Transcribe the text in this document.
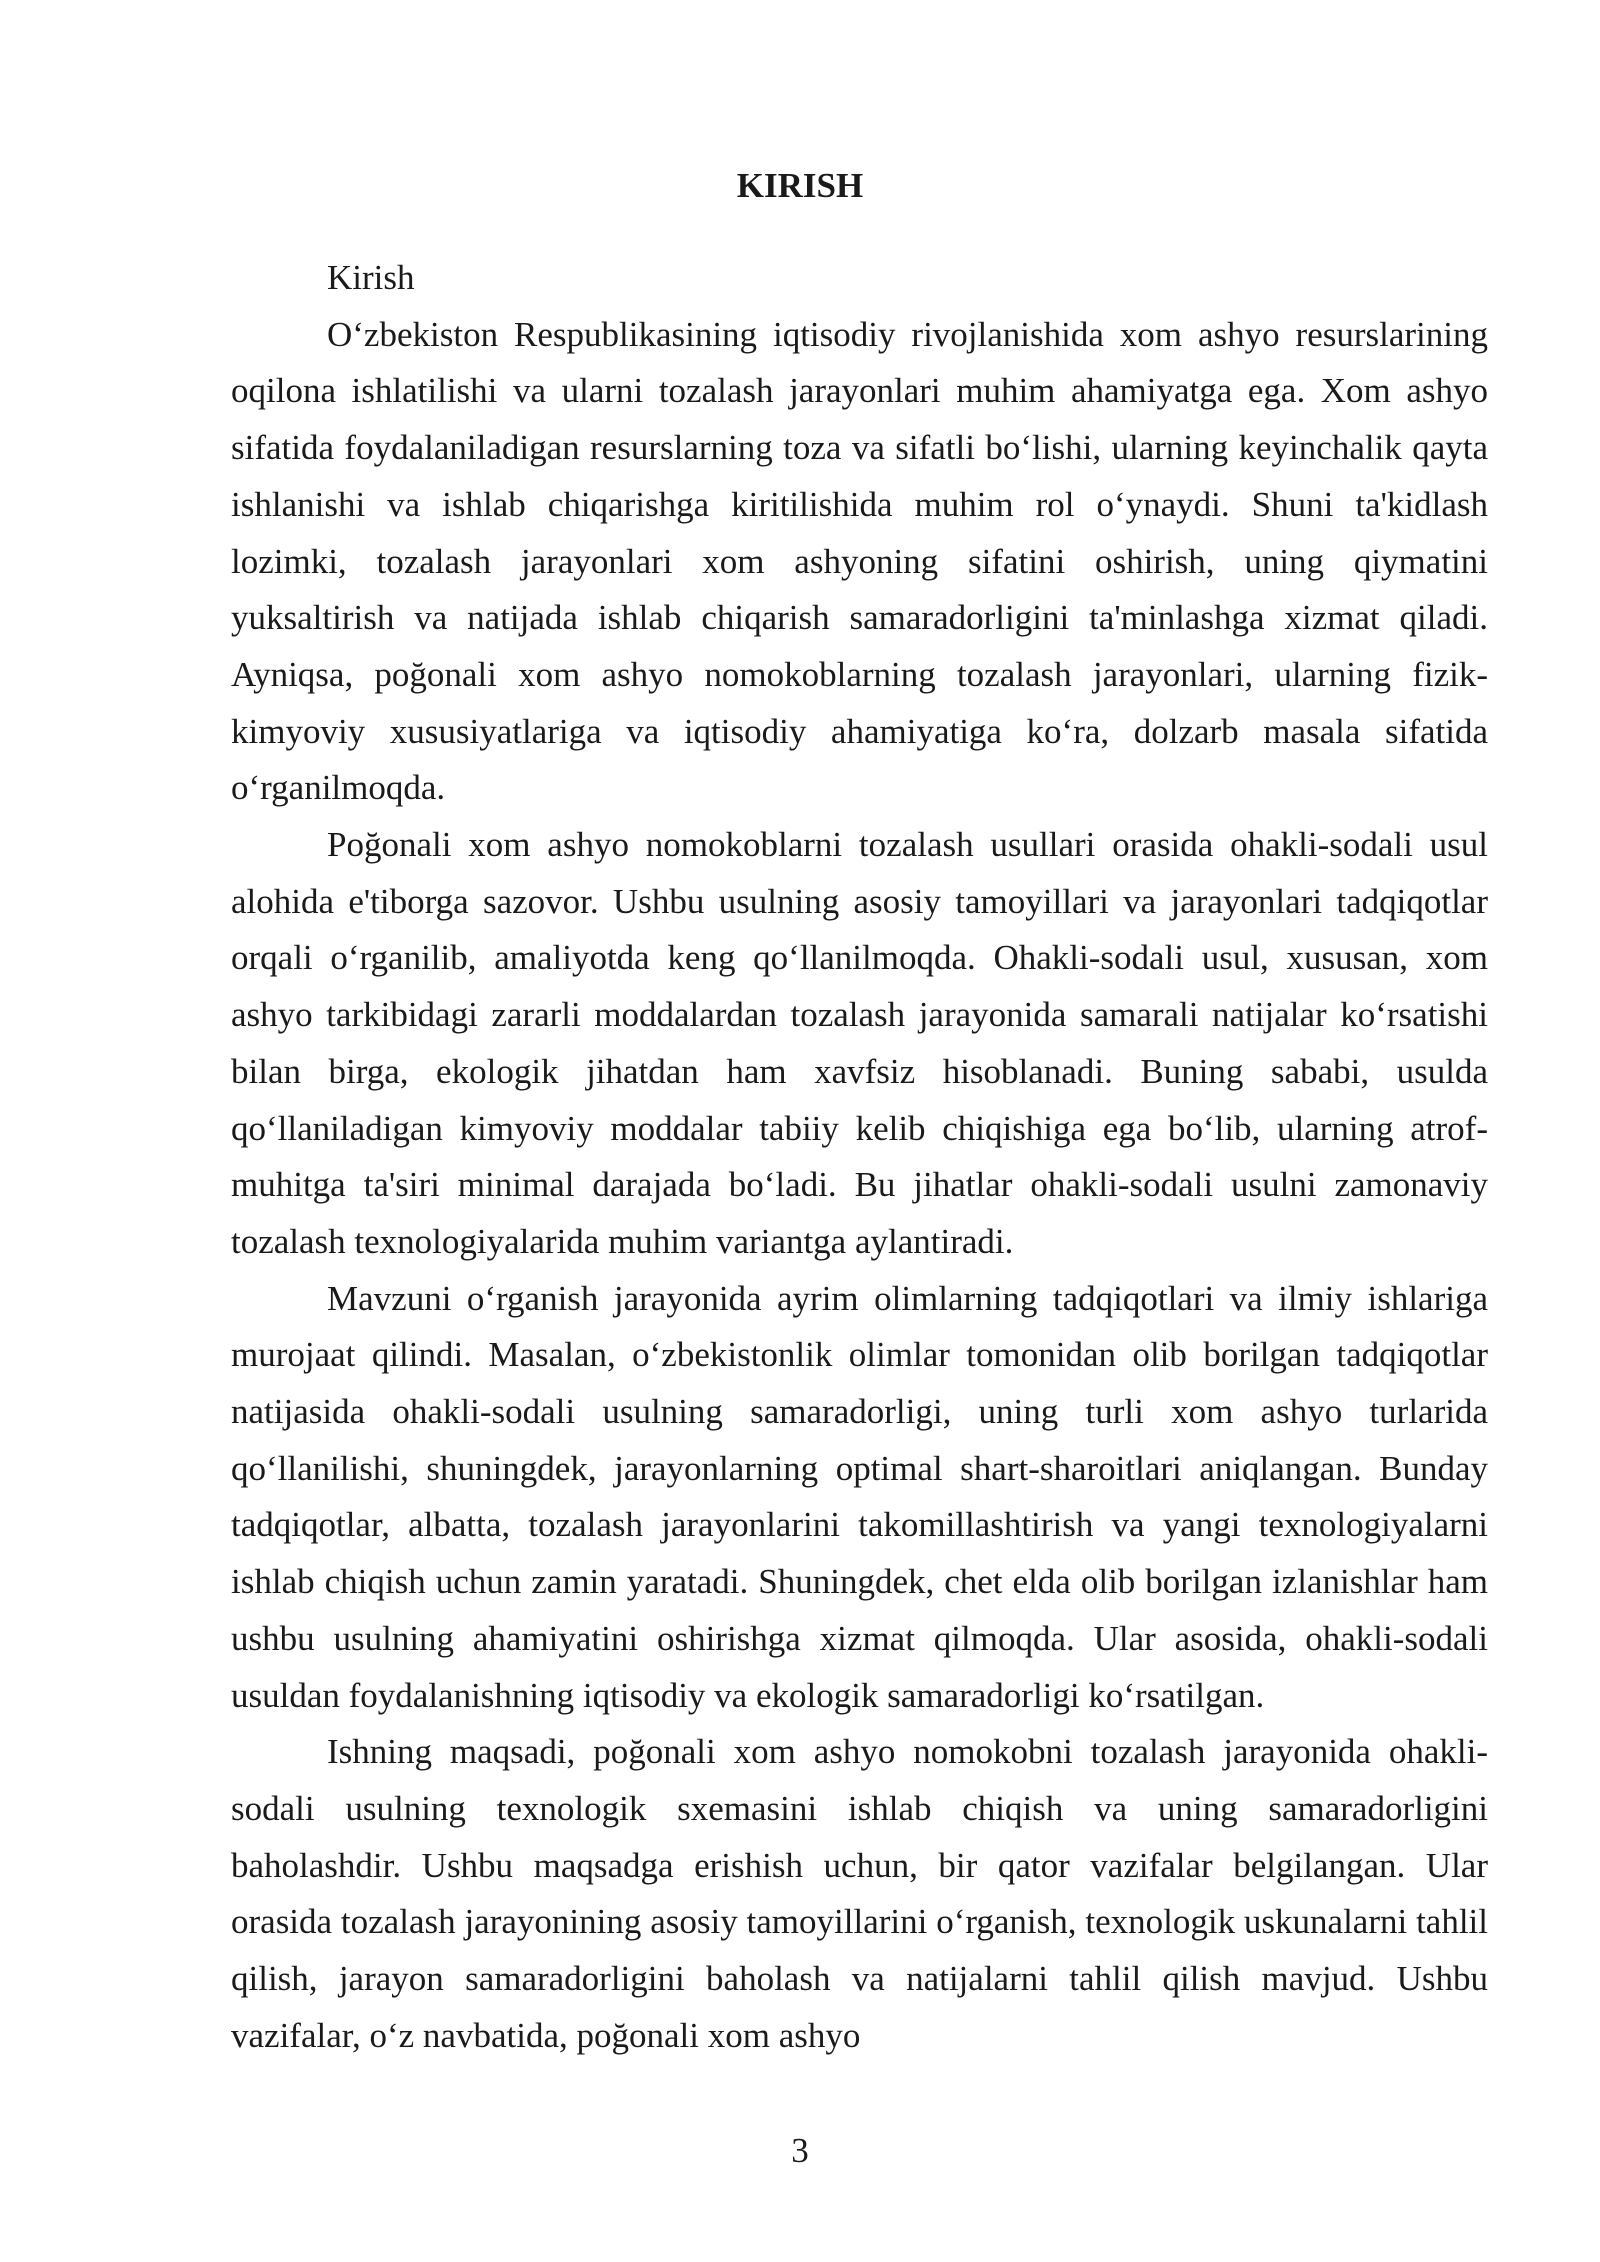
KIRISH

Kirish

O‘zbekiston Respublikasining iqtisodiy rivojlanishida xom ashyo resurslarining oqilona ishlatilishi va ularni tozalash jarayonlari muhim ahamiyatga ega. Xom ashyo sifatida foydalaniladigan resurslarning toza va sifatli bo‘lishi, ularning keyinchalik qayta ishlanishi va ishlab chiqarishga kiritilishida muhim rol o‘ynaydi. Shuni ta'kidlash lozimki, tozalash jarayonlari xom ashyoning sifatini oshirish, uning qiymatini yuksaltirish va natijada ishlab chiqarish samaradorligini ta'minlashga xizmat qiladi. Ayniqsa, poğonali xom ashyo nomokoblarning tozalash jarayonlari, ularning fizik-kimyoviy xususiyatlariga va iqtisodiy ahamiyatiga ko‘ra, dolzarb masala sifatida o‘rganilmoqda.

Poğonali xom ashyo nomokoblarni tozalash usullari orasida ohakli-sodali usul alohida e'tiborga sazovor. Ushbu usulning asosiy tamoyillari va jarayonlari tadqiqotlar orqali o‘rganilib, amaliyotda keng qo‘llanilmoqda. Ohakli-sodali usul, xususan, xom ashyo tarkibidagi zararli moddalardan tozalash jarayonida samarali natijalar ko‘rsatishi bilan birga, ekologik jihatdan ham xavfsiz hisoblanadi. Buning sababi, usulda qo‘llaniladigan kimyoviy moddalar tabiiy kelib chiqishiga ega bo‘lib, ularning atrof-muhitga ta'siri minimal darajada bo‘ladi. Bu jihatlar ohakli-sodali usulni zamonaviy tozalash texnologiyalarida muhim variantga aylantiradi.

Mavzuni o‘rganish jarayonida ayrim olimlarning tadqiqotlari va ilmiy ishlariga murojaat qilindi. Masalan, o‘zbekistonlik olimlar tomonidan olib borilgan tadqiqotlar natijasida ohakli-sodali usulning samaradorligi, uning turli xom ashyo turlarida qo‘llanilishi, shuningdek, jarayonlarning optimal shart-sharoitlari aniqlangan. Bunday tadqiqotlar, albatta, tozalash jarayonlarini takomillashtirish va yangi texnologiyalarni ishlab chiqish uchun zamin yaratadi. Shuningdek, chet elda olib borilgan izlanishlar ham ushbu usulning ahamiyatini oshirishga xizmat qilmoqda. Ular asosida, ohakli-sodali usuldan foydalanishning iqtisodiy va ekologik samaradorligi ko‘rsatilgan.

Ishning maqsadi, poğonali xom ashyo nomokobni tozalash jarayonida ohakli-sodali usulning texnologik sxemasini ishlab chiqish va uning samaradorligini baholashdir. Ushbu maqsadga erishish uchun, bir qator vazifalar belgilangan. Ular orasida tozalash jarayonining asosiy tamoyillarini o‘rganish, texnologik uskunalarni tahlil qilish, jarayon samaradorligini baholash va natijalarni tahlil qilish mavjud. Ushbu vazifalar, o‘z navbatida, poğonali xom ashyo

3
